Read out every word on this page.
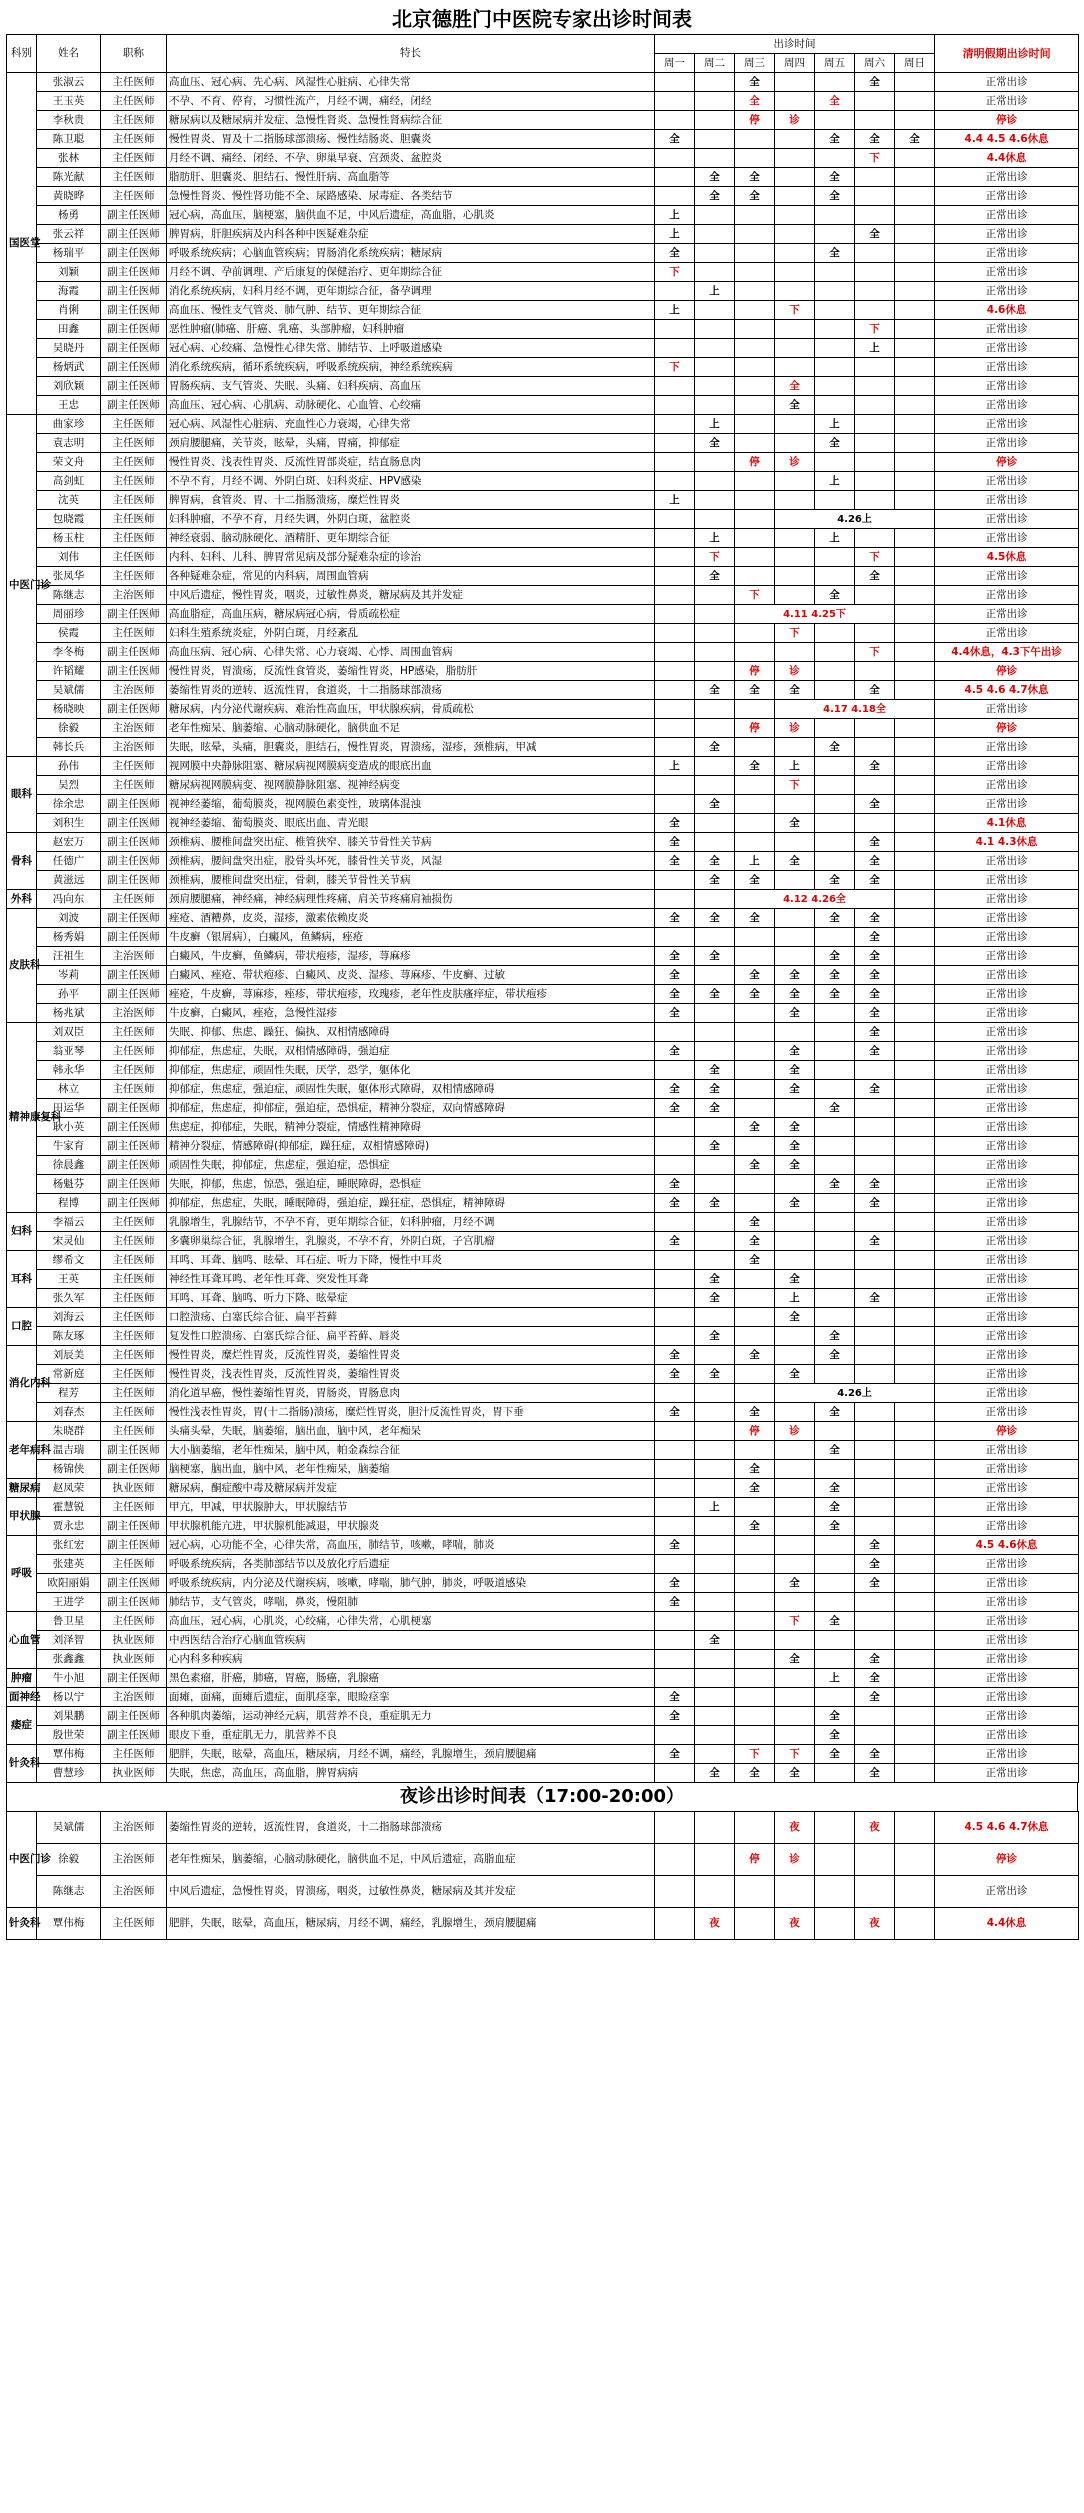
北京德胜门中医院专家出诊时间表
科别	姓名	职称	特长	出诊时间							清明假期出诊时间
				周一	周二	周三	周四	周五	周六	周日	
国医堂	张淑云	主任医师	高血压、冠心病、先心病、风湿性心脏病、心律失常			全			全		正常出诊
	王玉英	主任医师	不孕、不育、停育，习惯性流产，月经不调，痛经，闭经			全		全			正常出诊
	李秋贵	主任医师	糖尿病以及糖尿病并发症、急慢性肾炎、急慢性肾病综合征			停	诊				停诊
	陈卫聪	主任医师	慢性胃炎、胃及十二指肠球部溃疡、慢性结肠炎、胆囊炎	全				全	全	全	4.4 4.5 4.6休息
	张林	主任医师	月经不调、痛经、闭经、不孕、卵巢早衰、宫颈炎、盆腔炎						下		4.4休息
	陈光献	主任医师	脂肪肝、胆囊炎、胆结石、慢性肝病、高血脂等		全	全		全			正常出诊
	黄晓晔	主任医师	急慢性肾炎、慢性肾功能不全、尿路感染、尿毒症、各类结节		全	全		全			正常出诊
	杨勇	副主任医师	冠心病，高血压，脑梗塞，脑供血不足，中风后遗症，高血脂，心肌炎	上							正常出诊
	张云祥	副主任医师	脾胃病，肝胆疾病及内科各种中医疑难杂症	上					全		正常出诊
	杨瑞平	副主任医师	呼吸系统疾病；心脑血管疾病；胃肠消化系统疾病；糖尿病	全				全			正常出诊
	刘颖	副主任医师	月经不调、孕前调理、产后康复的保健治疗、更年期综合征	下							正常出诊
	海霞	副主任医师	消化系统疾病，妇科月经不调，更年期综合征，备孕调理		上						正常出诊
	肖俐	副主任医师	高血压、慢性支气管炎、肺气肿、结节、更年期综合征	上			下				4.6休息
	田鑫	副主任医师	恶性肿瘤(肺癌、肝癌、乳癌、头部肿瘤，妇科肿瘤						下		正常出诊
	吴晓丹	副主任医师	冠心病、心绞痛、急慢性心律失常、肺结节、上呼吸道感染						上		正常出诊
	杨炳武	副主任医师	消化系统疾病，循环系统疾病，呼吸系统疾病，神经系统疾病	下							正常出诊
	刘欣颖	副主任医师	胃肠疾病、支气管炎、失眠、头痛、妇科疾病、高血压				全				正常出诊
	王忠	副主任医师	高血压、冠心病、心肌病、动脉硬化、心血管、心绞痛				全				正常出诊
中医门诊	曲家珍	主任医师	冠心病、风湿性心脏病、充血性心力衰竭，心律失常		上			上			正常出诊
	袁志明	主任医师	颈肩腰腿痛，关节炎，眩晕，头痛，胃痛，抑郁症		全			全			正常出诊
	荣文舟	主任医师	慢性胃炎、浅表性胃炎、反流性胃部炎症，结直肠息肉			停	诊				停诊
	高剑虹	主任医师	不孕不育，月经不调、外阴白斑、妇科炎症、HPV感染					上			正常出诊
	沈英	主任医师	脾胃病，食管炎、胃、十二指肠溃疡，糜烂性胃炎	上							正常出诊
	包晓霞	主任医师	妇科肿瘤，不孕不育，月经失调，外阴白斑，盆腔炎				4.26上				正常出诊
	杨玉柱	主任医师	神经衰弱、脑动脉硬化、酒精肝、更年期综合征		上			上			正常出诊
	刘伟	主任医师	内科、妇科、儿科、脾胃常见病及部分疑难杂症的诊治		下				下		4.5休息
	张凤华	主任医师	各种疑难杂症，常见的内科病，周围血管病		全				全		正常出诊
	陈继志	主治医师	中风后遗症，慢性胃炎，咽炎，过敏性鼻炎，糖尿病及其并发症			下		全			正常出诊
	周丽珍	副主任医师	高血脂症，高血压病，糖尿病冠心病，骨质疏松症			4.11 4.25下					正常出诊
	侯霞	主任医师	妇科生殖系统炎症，外阴白斑，月经紊乱				下				正常出诊
	李冬梅	副主任医师	高血压病、冠心病、心律失常、心力衰竭、心悸、周围血管病						下		4.4休息，4.3下午出诊
	许韬耀	副主任医师	慢性胃炎，胃溃疡，反流性食管炎，萎缩性胃炎，HP感染，脂肪肝			停	诊				停诊
	吴斌儒	主治医师	萎缩性胃炎的逆转、返流性胃，食道炎，十二指肠球部溃疡		全	全	全		全		4.5 4.6 4.7休息
	杨晓映	副主任医师	糖尿病，内分泌代谢疾病、难治性高血压，甲状腺疾病，骨质疏松				4.17 4.18全				正常出诊
	徐毅	主治医师	老年性痴呆、脑萎缩、心脑动脉硬化，脑供血不足			停	诊				停诊
	韩长兵	主治医师	失眠，眩晕，头痛，胆囊炎，胆结石，慢性胃炎，胃溃疡，湿疹，颈椎病，甲减		全			全			正常出诊
眼科	孙伟	主任医师	视网膜中央静脉阻塞、糖尿病视网膜病变造成的眼底出血	上		全	上		全		正常出诊
	吴烈	主任医师	糖尿病视网膜病变、视网膜静脉阻塞、视神经病变				下				正常出诊
	徐余忠	副主任医师	视神经萎缩，葡萄膜炎，视网膜色素变性，玻璃体混浊		全				全		正常出诊
	刘积生	副主任医师	视神经萎缩、葡萄膜炎、眼底出血、青光眼	全			全				4.1休息
骨科	赵宏万	副主任医师	颈椎病、腰椎间盘突出症、椎管狭窄、膝关节骨性关节病	全					全		4.1 4.3休息
	任德广	副主任医师	颈椎病，腰间盘突出症，股骨头坏死，膝骨性关节炎，风湿	全	全	上	全		全		正常出诊
	黄滋远	副主任医师	颈椎病，腰椎间盘突出症，骨刺，膝关节骨性关节病		全	全		全	全		正常出诊
外科	冯向东	主任医师	颈肩腰腿痛，神经痛，神经病理性疼痛，肩关节疼痛肩袖损伤			4.12 4.26全					正常出诊
皮肤科	刘波	副主任医师	痤疮、酒糟鼻，皮炎，湿疹，激素依赖皮炎	全	全	全		全	全		正常出诊
	杨秀娟	副主任医师	牛皮癣（银屑病），白癜风，鱼鳞病，痤疮						全		正常出诊
	汪祖生	主治医师	白癜风，牛皮癣，鱼鳞病，带状疱疹，湿疹，荨麻疹	全	全			全	全		正常出诊
	岑莉	副主任医师	白癜风、痤疮、带状疱疹、白癜风、皮炎、湿疹、荨麻疹、牛皮癣、过敏	全		全	全	全	全		正常出诊
	孙平	副主任医师	痤疮，牛皮癣，荨麻疹，痤疹，带状疱疹，玫瑰疹，老年性皮肤瘙痒症，带状疱疹	全	全	全	全	全	全		正常出诊
	杨兆斌	主治医师	牛皮癣，白癜风，痤疮，急慢性湿疹	全			全		全		正常出诊
精神康复科	刘双臣	主任医师	失眠、抑郁、焦虑、躁狂、偏执、双相情感障碍						全		正常出诊
	翁亚琴	主任医师	抑郁症，焦虑症，失眠，双相情感障碍，强迫症	全			全		全		正常出诊
	韩永华	主任医师	抑郁症，焦虑症，顽固性失眠，厌学，恐学，躯体化		全		全				正常出诊
	林立	主任医师	抑郁症，焦虑症，强迫症，顽固性失眠，躯体形式障碍，双相情感障碍	全	全		全		全		正常出诊
	田运华	副主任医师	抑郁症，焦虑症，抑郁症，强迫症，恐惧症，精神分裂症，双向情感障碍	全	全			全			正常出诊
	耿小英	副主任医师	焦虑症，抑郁症，失眠，精神分裂症，情感性精神障碍			全	全				正常出诊
	牛家育	副主任医师	精神分裂症，情感障碍(抑郁症，躁狂症，双相情感障碍)		全		全				正常出诊
	徐晨鑫	副主任医师	顽固性失眠，抑郁症，焦虑症，强迫症，恐惧症			全	全				正常出诊
	杨魁芬	副主任医师	失眠，抑郁，焦虑，惊恐，强迫症，睡眠障碍，恐惧症	全				全	全		正常出诊
	程博	副主任医师	抑郁症，焦虑症，失眠，睡眠障碍，强迫症，躁狂症，恐惧症，精神障碍	全	全		全		全		正常出诊
妇科	李福云	主任医师	乳腺增生，乳腺结节，不孕不育，更年期综合征，妇科肿瘤，月经不调			全					正常出诊
	宋灵仙	主任医师	多囊卵巢综合征，乳腺增生，乳腺炎，不孕不育，外阴白斑，子宫肌瘤	全		全			全		正常出诊
耳科	缪希文	主任医师	耳鸣、耳聋、脑鸣、眩晕、耳石症、听力下降，慢性中耳炎			全					正常出诊
	王英	主任医师	神经性耳聋耳鸣、老年性耳聋、突发性耳聋		全		全				正常出诊
	张久军	主任医师	耳鸣、耳聋、脑鸣、听力下降、眩晕症		全		上		全		正常出诊
口腔	刘海云	主任医师	口腔溃疡、白塞氏综合征、扁平苔藓				全				正常出诊
	陈友琢	主任医师	复发性口腔溃疡、白塞氏综合征、扁平苔藓、唇炎		全			全			正常出诊
消化内科	刘辰美	主任医师	慢性胃炎，糜烂性胃炎，反流性胃炎，萎缩性胃炎	全		全		全			正常出诊
	常新庭	主任医师	慢性胃炎，浅表性胃炎，反流性胃炎，萎缩性胃炎	全	全		全				正常出诊
	程芳	主任医师	消化道早癌，慢性萎缩性胃炎，胃肠炎，胃肠息肉				4.26上				正常出诊
	刘春杰	主任医师	慢性浅表性胃炎，胃(十二指肠)溃疡，糜烂性胃炎，胆汁反流性胃炎，胃下垂	全		全		全			正常出诊
老年病科	朱晓群	主任医师	头痛头晕，失眠，脑萎缩，脑出血，脑中风，老年痴呆			停	诊				停诊
	温吉瑞	副主任医师	大小脑萎缩，老年性痴呆，脑中风，帕金森综合征					全			正常出诊
	杨锦侠	副主任医师	脑梗塞，脑出血，脑中风，老年性痴呆，脑萎缩			全					正常出诊
糖尿病	赵凤荣	执业医师	糖尿病，酮症酸中毒及糖尿病并发症			全		全			正常出诊
甲状腺	霍慧锐	主任医师	甲亢，甲减，甲状腺肿大，甲状腺结节		上			全			正常出诊
	贾永忠	副主任医师	甲状腺机能亢进，甲状腺机能减退，甲状腺炎			全		全			正常出诊
呼吸	张红宏	副主任医师	冠心病，心功能不全，心律失常，高血压，肺结节，咳嗽，哮喘，肺炎	全					全		4.5 4.6休息
	张建英	主任医师	呼吸系统疾病，各类肺部结节以及放化疗后遗症						全		正常出诊
	欧阳丽娟	副主任医师	呼吸系统疾病，内分泌及代谢疾病，咳嗽，哮喘，肺气肿，肺炎，呼吸道感染	全			全		全		正常出诊
	王进学	副主任医师	肺结节，支气管炎，哮喘，鼻炎，慢阻肺	全							正常出诊
心血管	鲁卫星	主任医师	高血压，冠心病，心肌炎，心绞痛，心律失常，心肌梗塞				下	全			正常出诊
	刘泽智	执业医师	中西医结合治疗心脑血管疾病		全						正常出诊
	张鑫鑫	执业医师	心内科多种疾病				全		全		正常出诊
肿瘤	牛小旭	副主任医师	黑色素瘤，肝癌，肺癌，胃癌，肠癌，乳腺癌					上	全		正常出诊
面神经	杨以宁	主治医师	面瘫，面痛，面瘫后遗症，面肌痉挛，眼睑痉挛	全					全		正常出诊
痿症	刘果鹏	副主任医师	各种肌肉萎缩，运动神经元病，肌营养不良，重症肌无力	全				全			正常出诊
	殷世荣	副主任医师	眼皮下垂，重症肌无力，肌营养不良					全			正常出诊
针灸科	覃伟梅	主任医师	肥胖，失眠，眩晕，高血压，糖尿病，月经不调，痛经，乳腺增生，颈肩腰腿痛	全		下	下	全	全		正常出诊
	曹慧珍	执业医师	失眠，焦虑，高血压，高血脂，脾胃病病		全	全	全		全		正常出诊
夜诊出诊时间表（17:00-20:00）
中医门诊	吴斌儒	主治医师	萎缩性胃炎的逆转，返流性胃，食道炎，十二指肠球部溃疡				夜		夜		4.5 4.6 4.7休息
	徐毅	主治医师	老年性痴呆，脑萎缩，心脑动脉硬化，脑供血不足，中风后遗症，高脂血症			停	诊				停诊
	陈继志	主治医师	中风后遗症，急慢性胃炎，胃溃疡，咽炎，过敏性鼻炎，糖尿病及其并发症								正常出诊
针灸科	覃伟梅	主任医师	肥胖，失眠，眩晕，高血压，糖尿病，月经不调，痛经，乳腺增生，颈肩腰腿痛		夜		夜		夜		4.4休息
